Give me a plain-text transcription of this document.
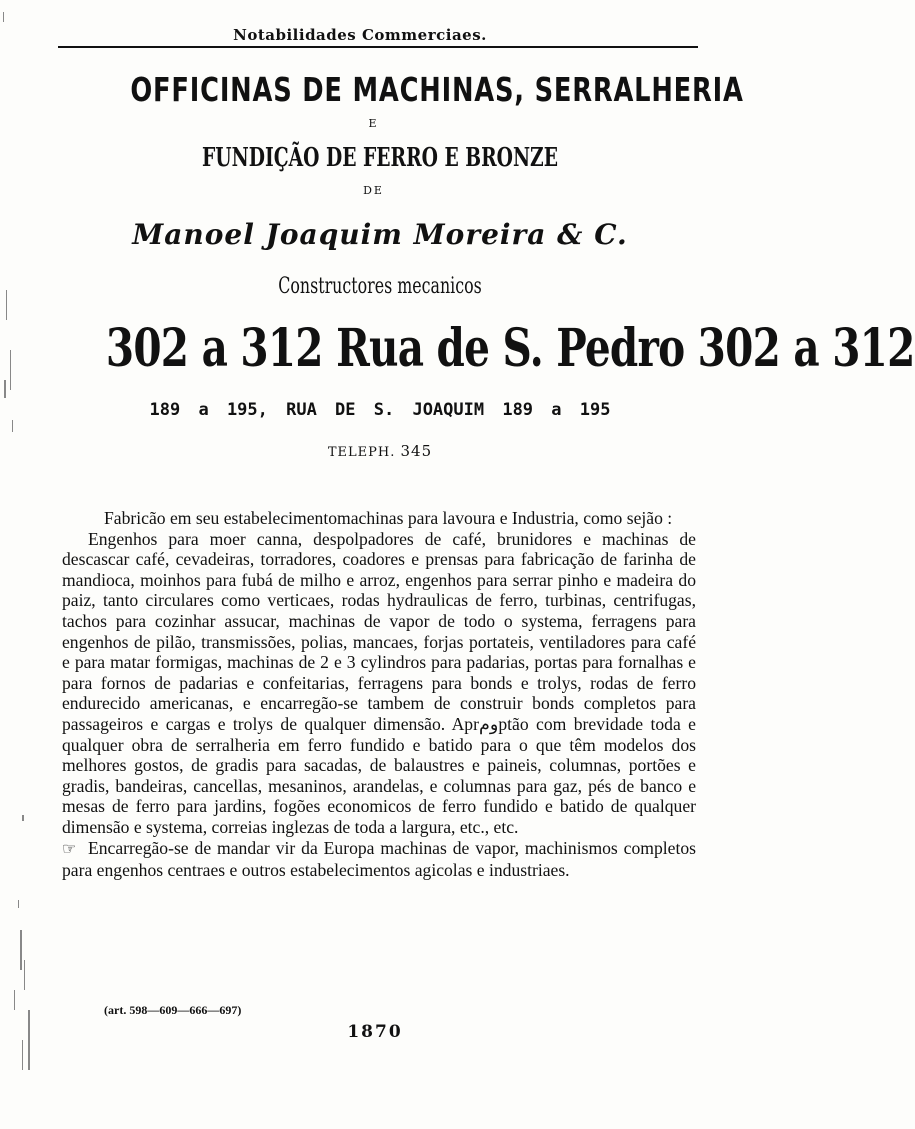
Notabilidades Commerciaes.
OFFICINAS DE MACHINAS, SERRALHERIA
E
FUNDIÇÃO DE FERRO E BRONZE
DE
Manoel Joaquim Moreira & C.
Constructores mecanicos
302 a 312 Rua de S. Pedro 302 a 312
189 a 195, RUA DE S. JOAQUIM 189 a 195
TELEPH. 345

Fabricão em seu estabelecimentomachinas para lavoura e Industria, como sejão :

Engenhos para moer canna, despolpadores de café, brunidores e machinas de descascar café, cevadeiras, torradores, coadores e prensas para fabricação de farinha de mandioca, moinhos para fubá de milho e arroz, engenhos para serrar pinho e madeira do paiz, tanto circulares como verticaes, rodas hydraulicas de ferro, turbinas, centrifugas, tachos para cozinhar assucar, machinas de vapor de todo o systema, ferragens para engenhos de pilão, transmissões, polias, mancaes, forjas portateis, ventiladores para café e para matar formigas, machinas de 2 e 3 cylindros para padarias, portas para fornalhas e para fornos de padarias e confeitarias, ferragens para bonds e trolys, rodas de ferro endurecido americanas, e encarregão-se tambem de construir bonds completos para passageiros e cargas e trolys de qualquer dimensão. Aprومptão com brevidade toda e qualquer obra de serralheria em ferro fundido e batido para o que têm modelos dos melhores gostos, de gradis para sacadas, de balaustres e paineis, columnas, portões e gradis, bandeiras, cancellas, mesaninos, arandelas, e columnas para gaz, pés de banco e mesas de ferro para jardins, fogões economicos de ferro fundido e batido de qualquer dimensão e systema, correias inglezas de toda a largura, etc., etc.

☞ Encarregão-se de mandar vir da Europa machinas de vapor, machinismos completos para engenhos centraes e outros estabelecimentos agicolas e industriaes.

(art. 598—609—666—697)
1870
